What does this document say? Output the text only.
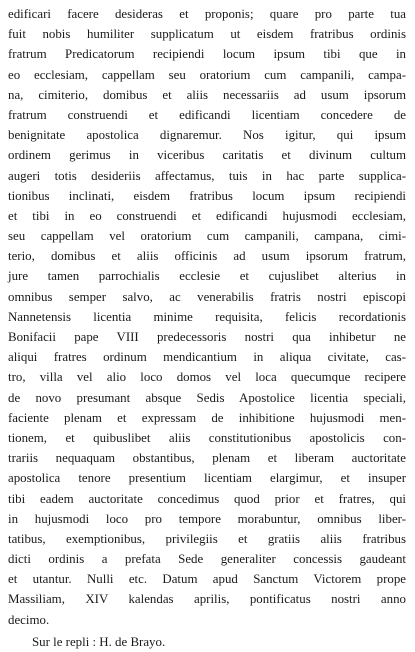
edificari facere desideras et proponis; quare pro parte tua
fuit nobis humiliter supplicatum ut eisdem fratribus ordinis
fratrum Predicatorum recipiendi locum ipsum tibi que in
eo ecclesiam, cappellam seu oratorium cum campanili, campa-
na, cimiterio, domibus et aliis necessariis ad usum ipsorum
fratrum construendi et edificandi licentiam concedere de
benignitate apostolica dignaremur. Nos igitur, qui ipsum
ordinem gerimus in viceribus caritatis et divinum cultum
augeri totis desideriis affectamus, tuis in hac parte supplica-
tionibus inclinati, eisdem fratribus locum ipsum recipiendi
et tibi in eo construendi et edificandi hujusmodi ecclesiam,
seu cappellam vel oratorium cum campanili, campana, cimi-
terio, domibus et aliis officinis ad usum ipsorum fratrum,
jure tamen parrochialis ecclesie et cujuslibet alterius in
omnibus semper salvo, ac venerabilis fratris nostri episcopi
Nannetensis licentia minime requisita, felicis recordationis
Bonifacii pape VIII predecessoris nostri qua inhibetur ne
aliqui fratres ordinum mendicantium in aliqua civitate, cas-
tro, villa vel alio loco domos vel loca quecumque recipere
de novo presumant absque Sedis Apostolice licentia speciali,
faciente plenam et expressam de inhibitione hujusmodi men-
tionem, et quibuslibet aliis constitutionibus apostolicis con-
trariis nequaquam obstantibus, plenam et liberam auctoritate
apostolica tenore presentium licentiam elargimur, et insuper
tibi eadem auctoritate concedimus quod prior et fratres, qui
in hujusmodi loco pro tempore morabuntur, omnibus liber-
tatibus, exemptionibus, privilegiis et gratiis aliis fratribus
dicti ordinis a prefata Sede generaliter concessis gaudeant
et utantur. Nulli etc. Datum apud Sanctum Victorem prope
Massiliam, XIV kalendas aprilis, pontificatus nostri anno
decimo.
Sur le repli : H. de Brayo.
